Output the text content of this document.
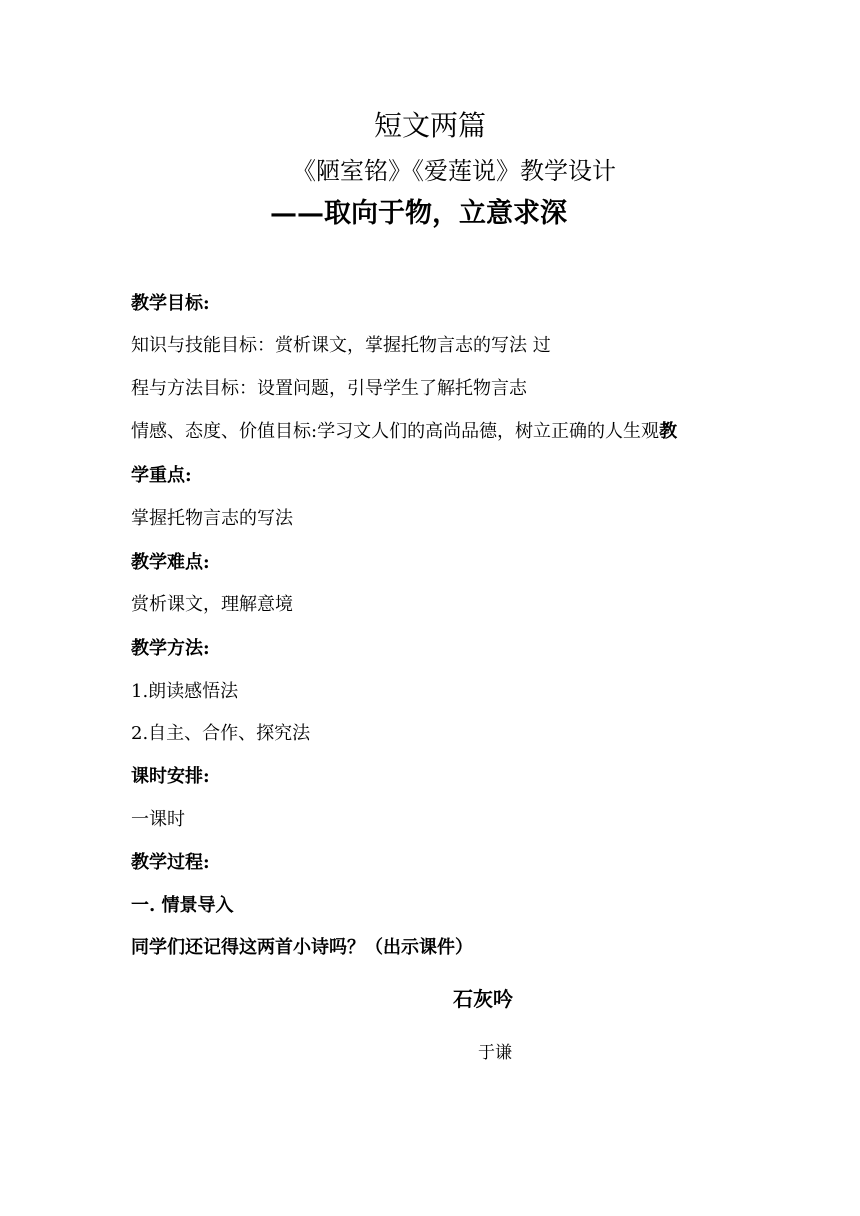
短文两篇
《陋室铭》《爱莲说》教学设计
——取向于物，立意求深
教学目标:
知识与技能目标：赏析课文，掌握托物言志的写法 过
程与方法目标：设置问题，引导学生了解托物言志
情感、态度、价值目标:学习文人们的高尚品德，树立正确的人生观教
学重点:
掌握托物言志的写法
教学难点:
赏析课文，理解意境
教学方法:
1.朗读感悟法
2.自主、合作、探究法
课时安排:
一课时
教学过程:
一. 情景导入
同学们还记得这两首小诗吗？（出示课件）
石灰吟
于谦
